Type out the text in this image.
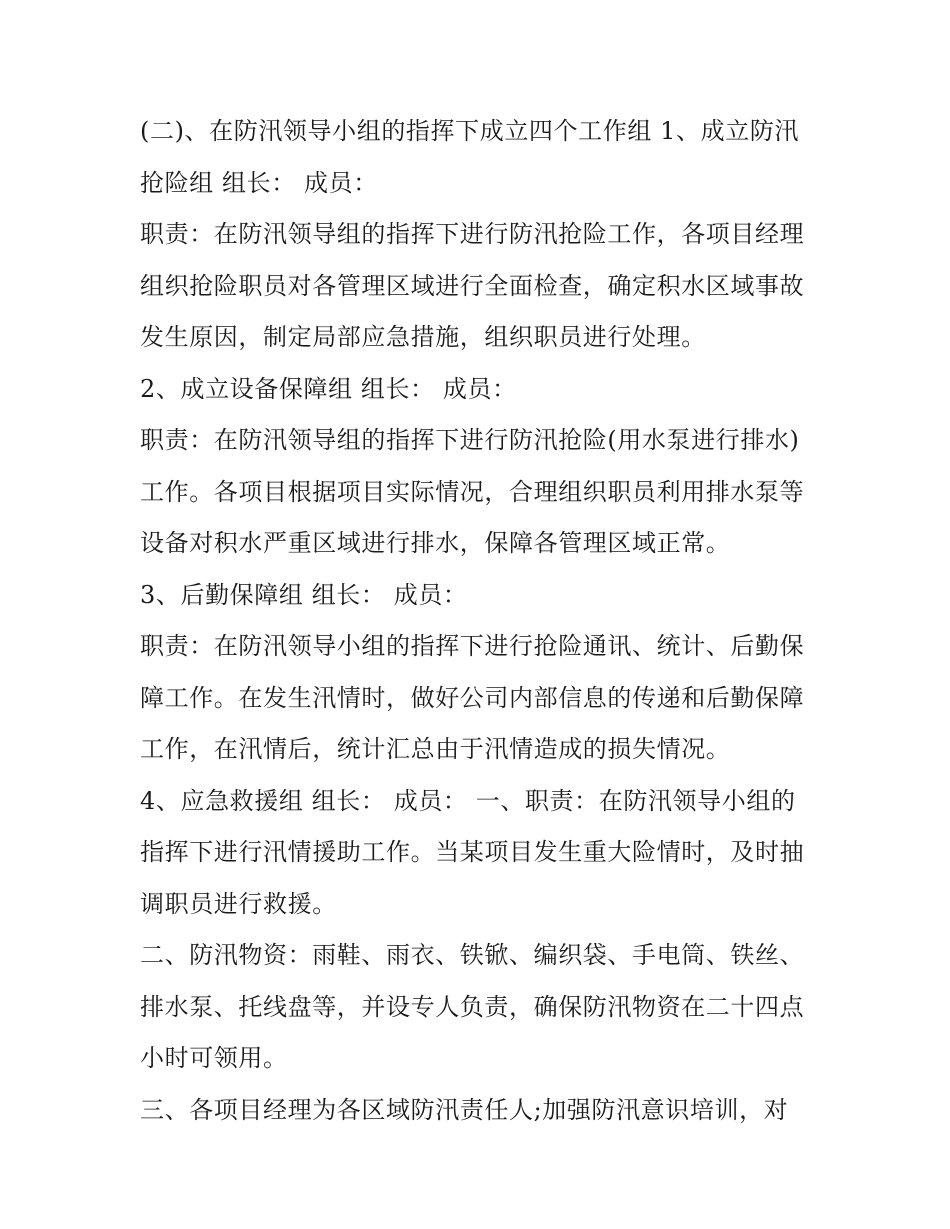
(二)、在防汛领导小组的指挥下成立四个工作组 1、成立防汛抢险组 组长： 成员：

职责：在防汛领导组的指挥下进行防汛抢险工作，各项目经理组织抢险职员对各管理区域进行全面检查，确定积水区域事故发生原因，制定局部应急措施，组织职员进行处理。

2、成立设备保障组 组长： 成员：

职责：在防汛领导组的指挥下进行防汛抢险(用水泵进行排水)工作。各项目根据项目实际情况，合理组织职员利用排水泵等设备对积水严重区域进行排水，保障各管理区域正常。

3、后勤保障组 组长： 成员：

职责：在防汛领导小组的指挥下进行抢险通讯、统计、后勤保障工作。在发生汛情时，做好公司内部信息的传递和后勤保障工作，在汛情后，统计汇总由于汛情造成的损失情况。

4、应急救援组 组长： 成员： 一、职责：在防汛领导小组的指挥下进行汛情援助工作。当某项目发生重大险情时，及时抽调职员进行救援。

二、防汛物资：雨鞋、雨衣、铁锨、编织袋、手电筒、铁丝、排水泵、托线盘等，并设专人负责，确保防汛物资在二十四点小时可领用。

三、各项目经理为各区域防汛责任人;加强防汛意识培训，对
